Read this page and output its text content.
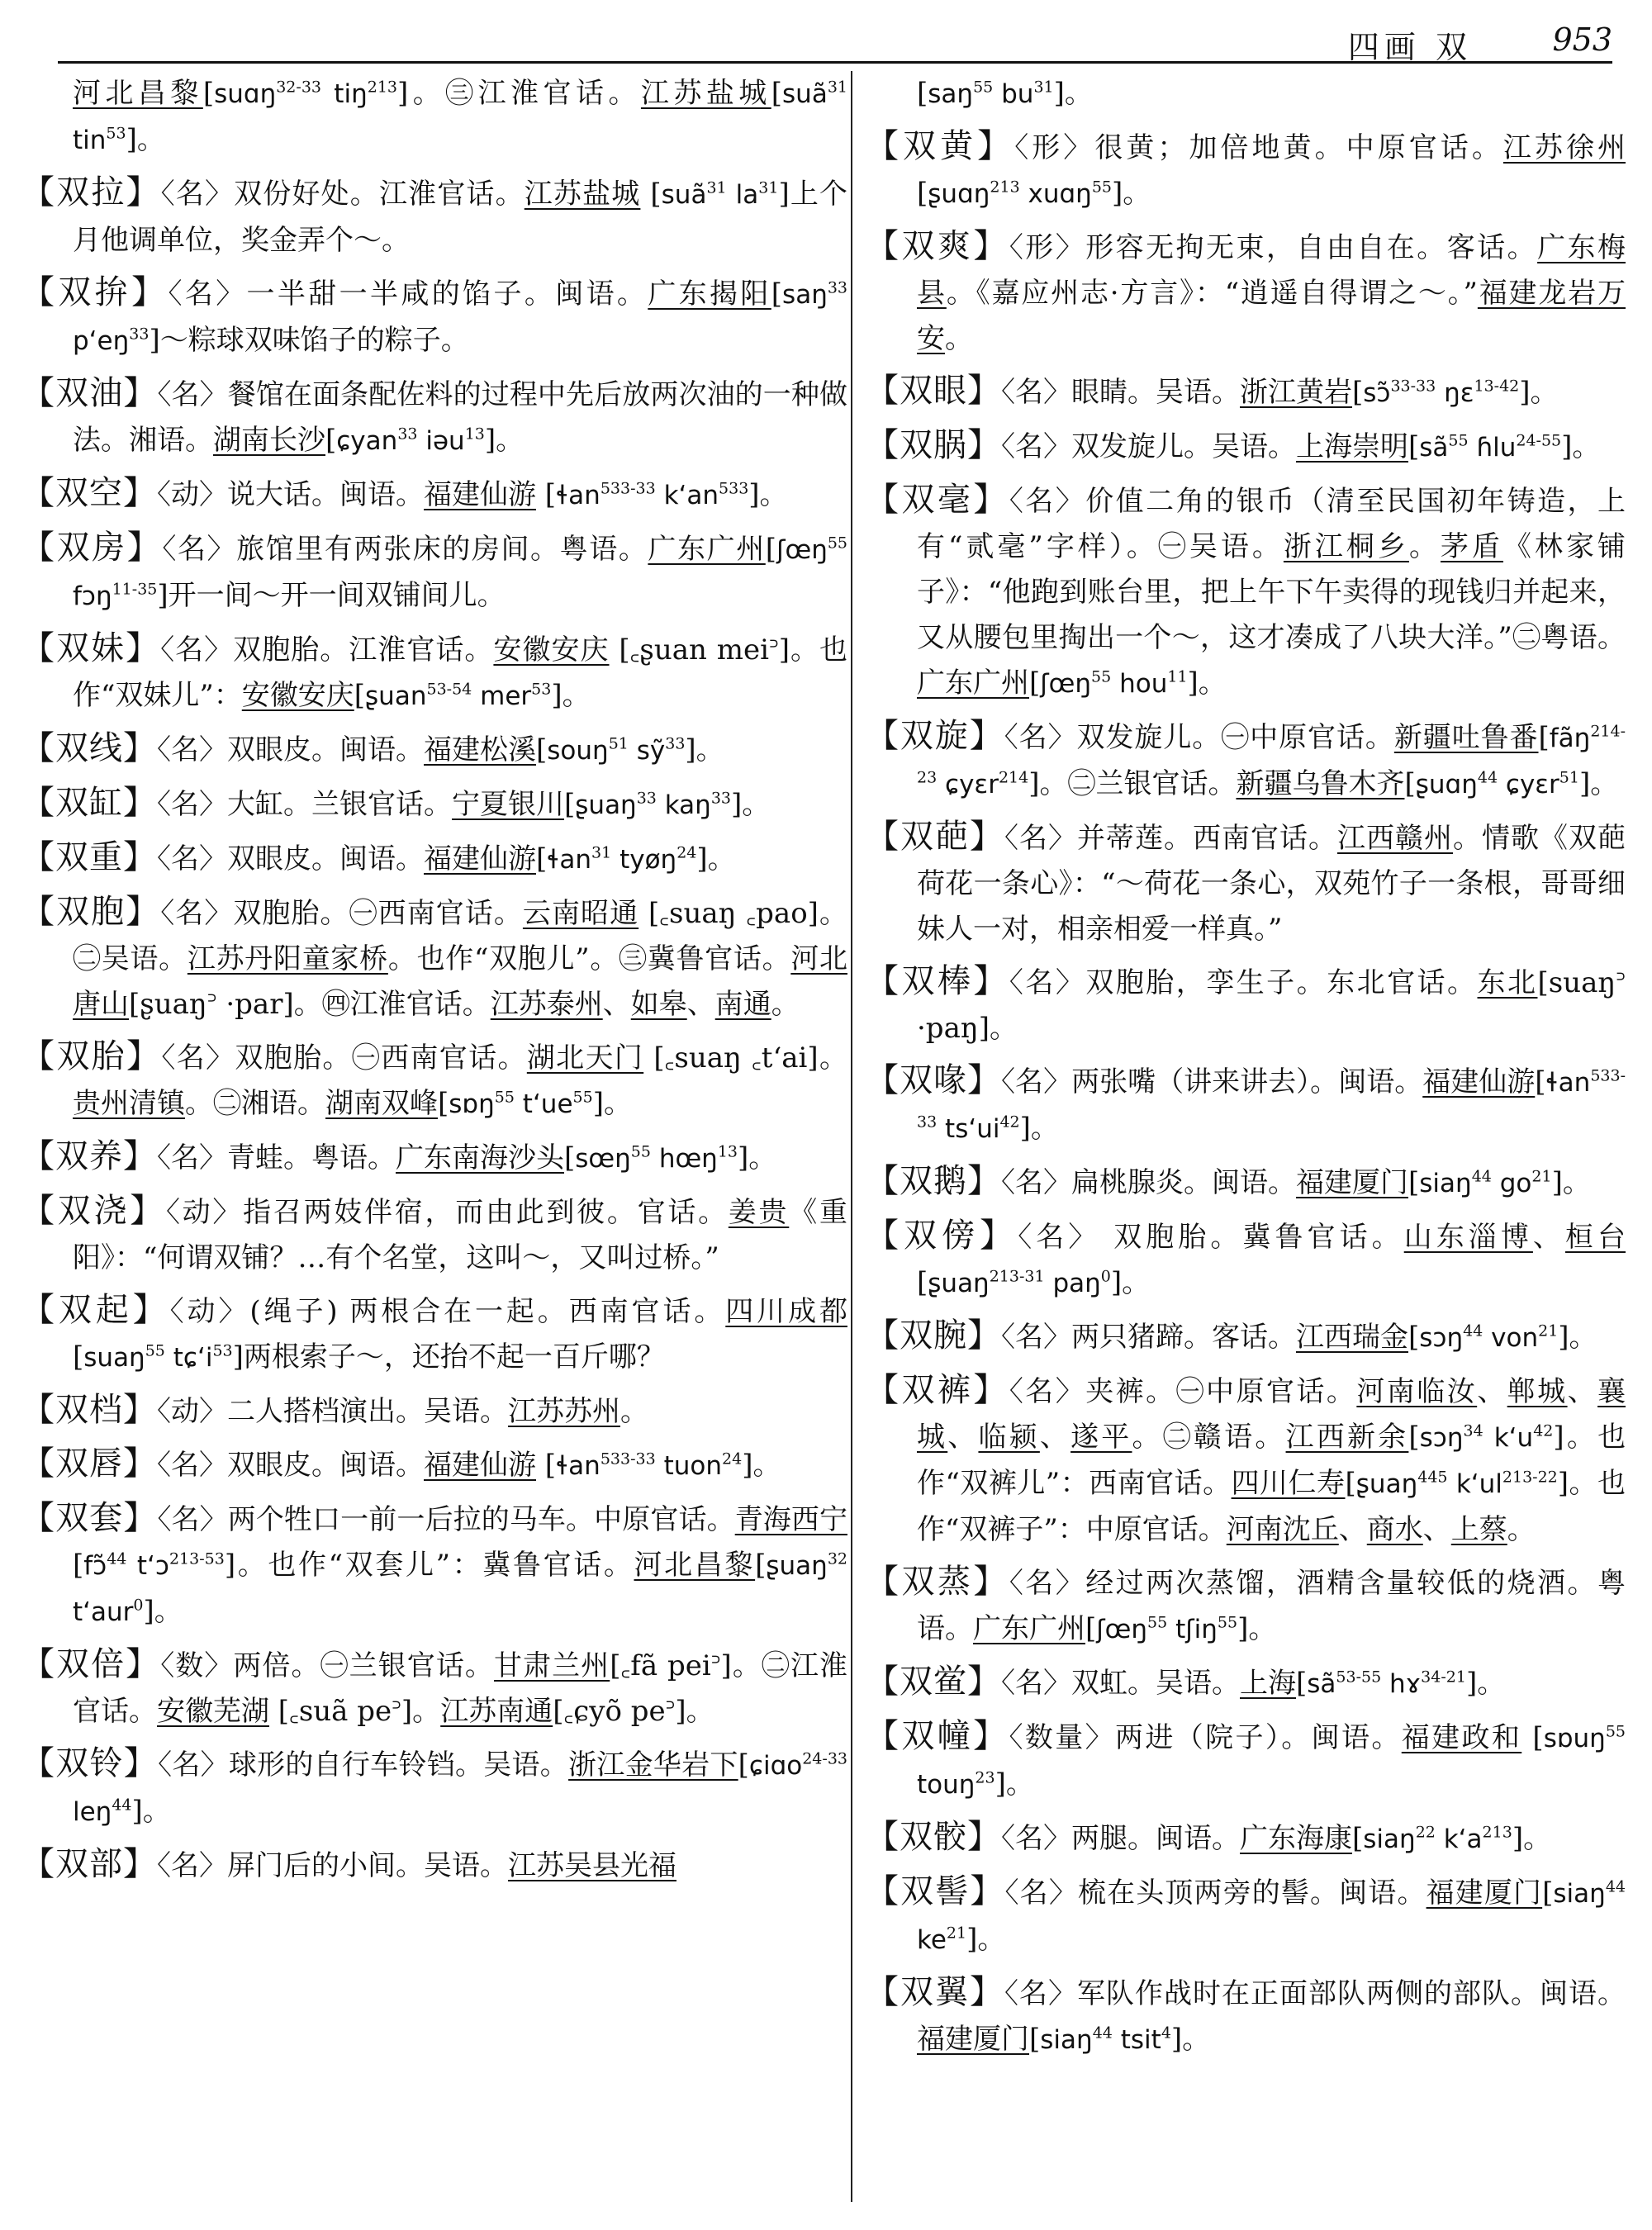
四画 双	953

河北昌黎[suɑŋ$^{32-33}$ tiŋ$^{213}$]。㊂江淮官话。江苏盐城[suã$^{31}$ tin$^{53}$]。

【双拉】〈名〉双份好处。江淮官话。江苏盐城 [suã$^{31}$ $la^{31}$]上个月他调单位，奖金弄个～。

【双拚】〈名〉一半甜一半咸的馅子。闽语。广东揭阳[saŋ$^{33}$ $p‘eŋ^{33}]\sim$粽球双味馅子的粽子。

【双油】〈名〉餐馆在面条配佐料的过程中先后放两次油的一种做法。湘语。湖南长沙[ɕyan$^{33}$ iəu$^{13}$]。

【双空】〈动〉说大话。闽语。福建仙游 [ɬan$^{533-33}$ $k‘an^{533}$]。

【双房】〈名〉旅馆里有两张床的房间。粤语。广东广州[ʃœŋ$^{55}$ fɔŋ$^{11-35}$]开一间～开一间双铺间儿。

【双妹】〈名〉双胞胎。江淮官话。安徽安庆 [꜀ʂuan mei꜄]。也作“双妹儿”：安徽安庆[ʂuan$^{53-54}$ mer$^{53}$]。

【双线】〈名〉双眼皮。闽语。福建松溪[souŋ$^{51}$ sỹ$^{33}$]。

【双缸】〈名〉大缸。兰银官话。宁夏银川[ʂuaŋ$^{33}$ kaŋ$^{33}$]。

【双重】〈名〉双眼皮。闽语。福建仙游[ɬan$^{31}$ tyøŋ$^{24}$]。

【双胞】〈名〉双胞胎。㊀西南官话。云南昭通 [꜀suaŋ ꜀pao]。㊁吴语。江苏丹阳童家桥。也作“双胞儿”。㊂冀鲁官话。河北唐山[ʂuaŋ꜄ ·par]。㊃江淮官话。江苏泰州、如皋、南通。

【双胎】〈名〉双胞胎。㊀西南官话。湖北天门 [꜀suaŋ ꜀t‘ai]。贵州清镇。㊁湘语。湖南双峰[sɒŋ$^{55}$ $t‘ue^{55}$]。

【双养】〈名〉青蛙。粤语。广东南海沙头[sœŋ$^{55}$ hœŋ$^{13}$]。

【双浇】〈动〉指召两妓伴宿，而由此到彼。官话。姜贵《重阳》：“何谓双铺？…有个名堂，这叫～，又叫过桥。”

【双起】〈动〉(绳子) 两根合在一起。西南官话。四川成都[suaŋ$^{55}$ $tɕ‘i^{53}$]两根索子～，还抬不起一百斤哪？

【双档】〈动〉二人搭档演出。吴语。江苏苏州。

【双唇】〈名〉双眼皮。闽语。福建仙游 [ɬan$^{533-33}$ tuon$^{24}$]。

【双套】〈名〉两个牲口一前一后拉的马车。中原官话。青海西宁 [fɔ̃$^{44}$ t‘ɔ$^{213-53}$]。也作“双套儿”：冀鲁官话。河北昌黎[ʂuaŋ$^{32}$ t‘aur$^0$]。

【双倍】〈数〉两倍。㊀兰银官话。甘肃兰州[꜀fã pei꜄]。㊁江淮官话。安徽芜湖 [꜀suã pe꜄]。江苏南通[꜀ɕyõ pe꜄]。

【双铃】〈名〉球形的自行车铃铛。吴语。浙江金华岩下[ɕiɑo$^{24-33}$ leŋ$^{44}$]。

【双部】〈名〉屏门后的小间。吴语。江苏吴县光福

[saŋ$^{55}$ $bu^{31}$]。

【双黄】〈形〉很黄；加倍地黄。中原官话。江苏徐州[ʂuɑŋ$^{213}$ xuɑŋ$^{55}$]。

【双爽】〈形〉形容无拘无束，自由自在。客话。广东梅县。《嘉应州志·方言》：“逍遥自得谓之～。”福建龙岩万安。

【双眼】〈名〉眼睛。吴语。浙江黄岩[sɔ̃$^{33-33}$ ŋɛ$^{13-42}$]。

【双脶】〈名〉双发旋儿。吴语。上海崇明[$sã^{55}$ ɦlu$^{24-55}$]。

【双毫】〈名〉价值二角的银币（清至民国初年铸造，上有“贰毫”字样）。㊀吴语。浙江桐乡。茅盾《林家铺子》：“他跑到账台里，把上午下午卖得的现钱归并起来，又从腰包里掏出一个～，这才凑成了八块大洋。”㊁粤语。广东广州[ʃœŋ$^{55}$ hou$^{11}$]。

【双旋】〈名〉双发旋儿。㊀中原官话。新疆吐鲁番[fãŋ$^{214-23}$ ɕyɛr$^{214}$]。㊁兰银官话。新疆乌鲁木齐[ʂuɑŋ$^{44}$ ɕyɛr$^{51}$]。

【双葩】〈名〉并蒂莲。西南官话。江西赣州。情歌《双葩荷花一条心》：“～荷花一条心，双苑竹子一条根，哥哥细妹人一对，相亲相爱一样真。”

【双棒】〈名〉双胞胎，孪生子。东北官话。东北[suaŋ꜄ ·paŋ]。

【双喙】〈名〉两张嘴（讲来讲去）。闽语。福建仙游[ɬan$^{533-33}$ $ts‘ui^{42}$]。

【双鹅】〈名〉扁桃腺炎。闽语。福建厦门[siaŋ$^{44}$ $go^{21}$]。

【双傍】〈名〉 双胞胎。冀鲁官话。山东淄博、桓台[ʂuaŋ$^{213-31}$ paŋ$^0$]。

【双腕】〈名〉两只猪蹄。客话。江西瑞金[sɔŋ$^{44}$ von$^{21}$]。

【双裤】〈名〉夹裤。㊀中原官话。河南临汝、郸城、襄城、临颍、遂平。㊁赣语。江西新余[sɔŋ$^{34}$ $k‘u^{42}$]。也作“双裤儿”：西南官话。四川仁寿[ʂuaŋ$^{445}$ $k‘ul^{213-22}$]。也作“双裤子”：中原官话。河南沈丘、商水、上蔡。

【双蒸】〈名〉经过两次蒸馏，酒精含量较低的烧酒。粤语。广东广州[ʃœŋ$^{55}$ tʃiŋ$^{55}$]。

【双鲎】〈名〉双虹。吴语。上海[$sã^{53-55}$ hɤ$^{34-21}$]。

【双幢】〈数量〉两进（院子）。闽语。福建政和 [sɒuŋ$^{55}$ touŋ$^{23}$]。

【双骹】〈名〉两腿。闽语。广东海康[siaŋ$^{22}$ $k‘a^{213}$]。

【双髻】〈名〉梳在头顶两旁的髻。闽语。福建厦门[siaŋ$^{44}$ $ke^{21}$]。

【双翼】〈名〉军队作战时在正面部队两侧的部队。闽语。福建厦门[siaŋ$^{44}$ tsit$^4$]。
